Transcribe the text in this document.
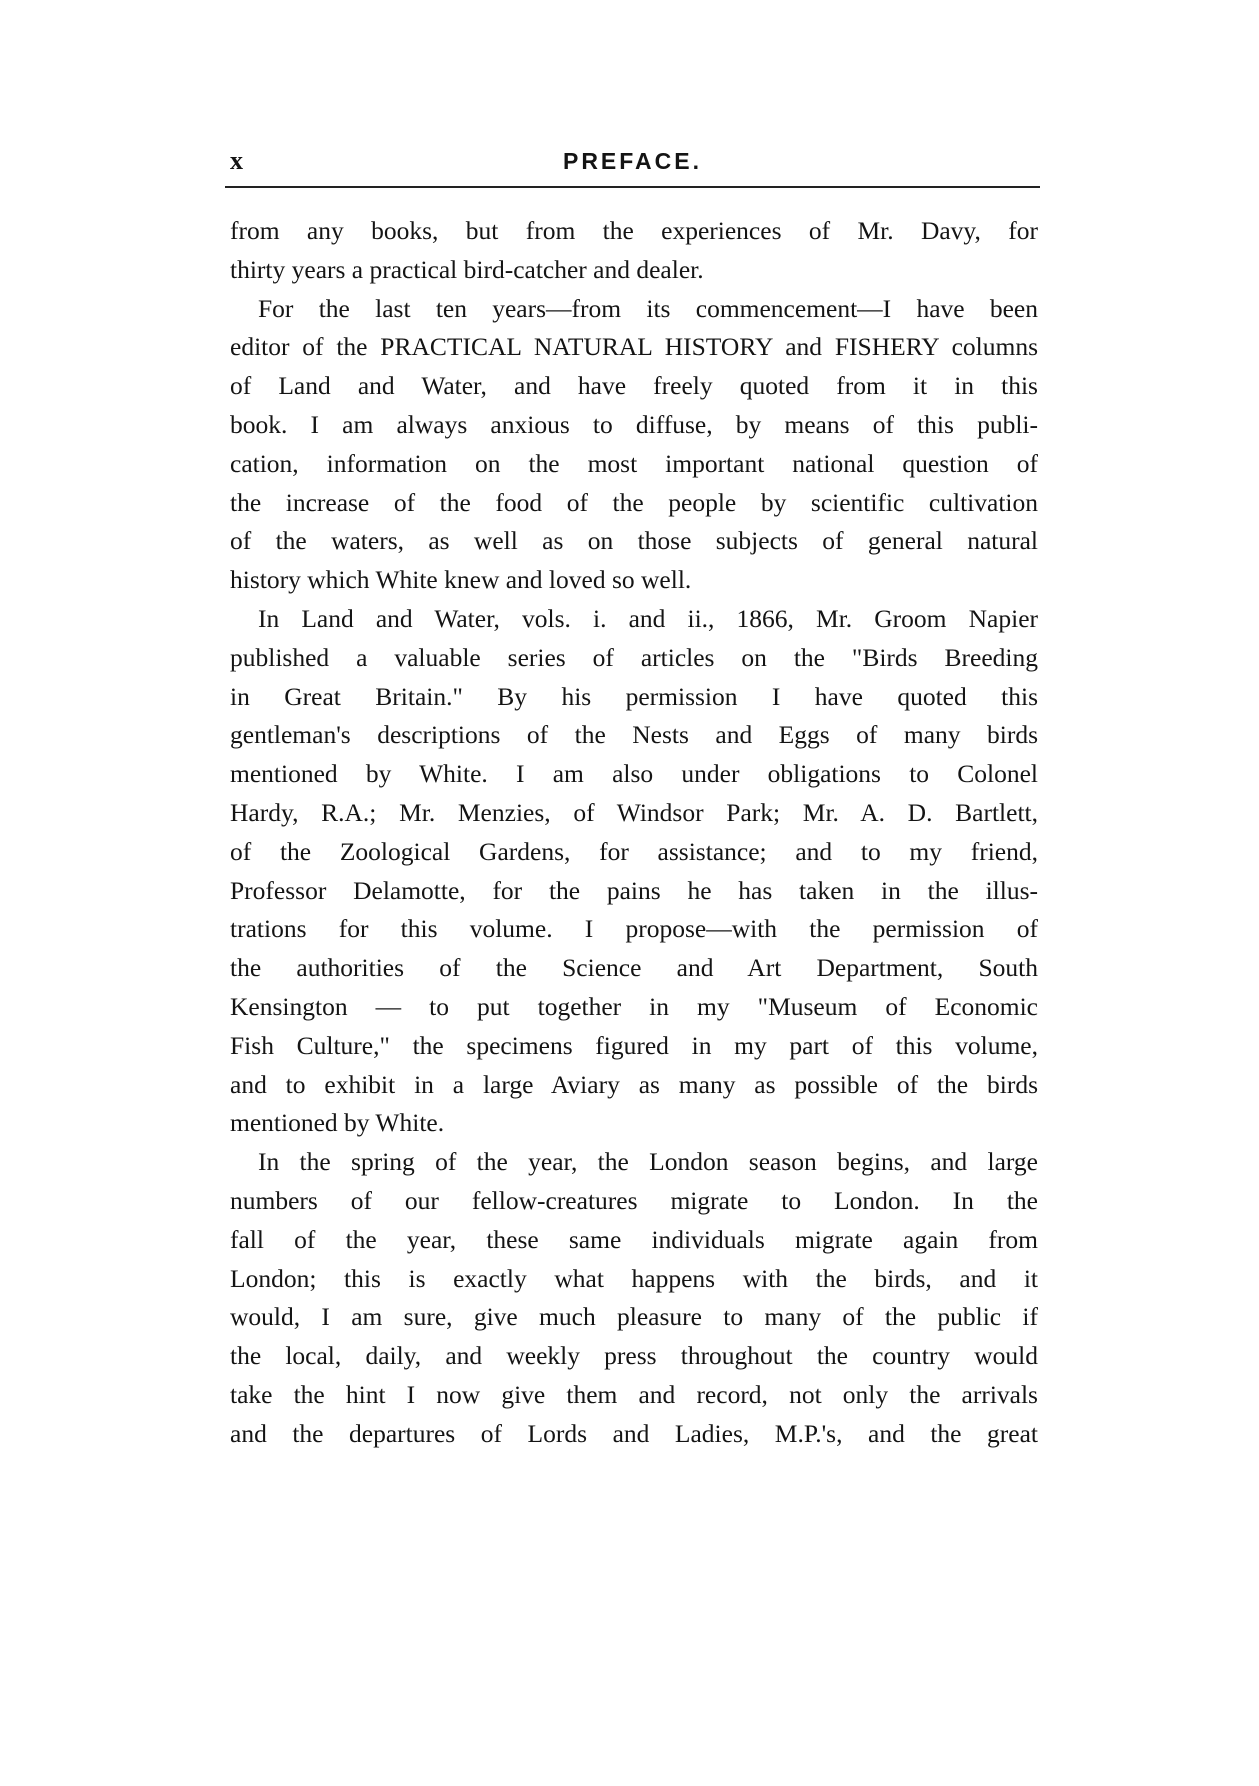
x	PREFACE.
from any books, but from the experiences of Mr. Davy, for
thirty years a practical bird-catcher and dealer.
For the last ten years—from its commencement—I have been
editor of the PRACTICAL NATURAL HISTORY and FISHERY columns
of Land and Water, and have freely quoted from it in this
book. I am always anxious to diffuse, by means of this publi-
cation, information on the most important national question of
the increase of the food of the people by scientific cultivation
of the waters, as well as on those subjects of general natural
history which White knew and loved so well.
In Land and Water, vols. i. and ii., 1866, Mr. Groom Napier
published a valuable series of articles on the "Birds Breeding
in Great Britain." By his permission I have quoted this
gentleman's descriptions of the Nests and Eggs of many birds
mentioned by White. I am also under obligations to Colonel
Hardy, R.A.; Mr. Menzies, of Windsor Park; Mr. A. D. Bartlett,
of the Zoological Gardens, for assistance; and to my friend,
Professor Delamotte, for the pains he has taken in the illus-
trations for this volume. I propose—with the permission of
the authorities of the Science and Art Department, South
Kensington — to put together in my "Museum of Economic
Fish Culture," the specimens figured in my part of this volume,
and to exhibit in a large Aviary as many as possible of the birds
mentioned by White.
In the spring of the year, the London season begins, and large
numbers of our fellow-creatures migrate to London. In the
fall of the year, these same individuals migrate again from
London; this is exactly what happens with the birds, and it
would, I am sure, give much pleasure to many of the public if
the local, daily, and weekly press throughout the country would
take the hint I now give them and record, not only the arrivals
and the departures of Lords and Ladies, M.P.'s, and the great
